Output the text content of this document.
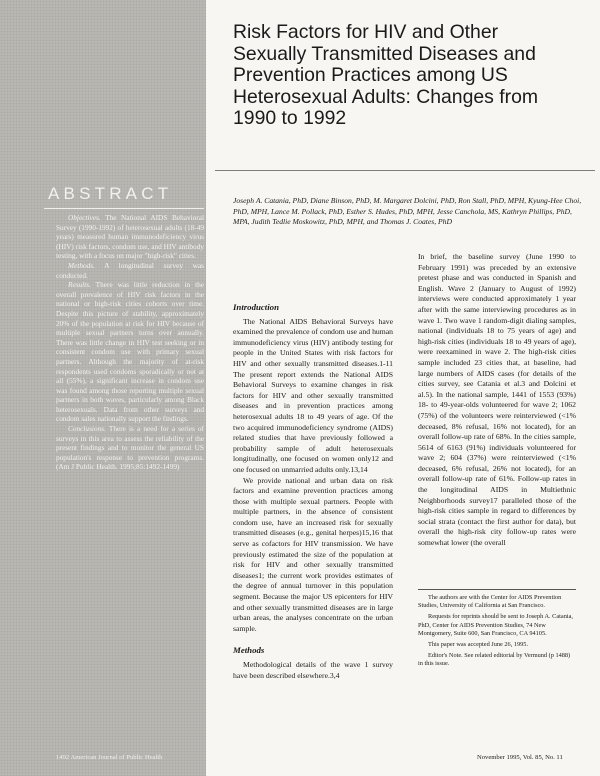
ABSTRACT

Objectives. The National AIDS Behavioral Survey (1990-1992) of heterosexual adults (18-49 years) measured human immunodeficiency virus (HIV) risk factors, condom use, and HIV antibody testing, with a focus on major "high-risk" cities.

Methods. A longitudinal survey was conducted.

Results. There was little reduction in the overall prevalence of HIV risk factors in the national or high-risk cities cohorts over time. Despite this picture of stability, approximately 20% of the population at risk for HIV because of multiple sexual partners turns over annually. There was little change in HIV test seeking or in consistent condom use with primary sexual partners. Although the majority of at-risk respondents used condoms sporadically or not at all (55%), a significant increase in condom use was found among those reporting multiple sexual partners in both waves, particularly among Black heterosexuals. Data from other surveys and condom sales nationally support the findings.

Conclusions. There is a need for a series of surveys in this area to assess the reliability of the present findings and to monitor the general US population's response to prevention programs. (Am J Public Health. 1995;85:1492-1499)

1492 American Journal of Public Health
Risk Factors for HIV and Other Sexually Transmitted Diseases and Prevention Practices among US Heterosexual Adults: Changes from 1990 to 1992
Joseph A. Catania, PhD, Diane Binson, PhD, M. Margaret Dolcini, PhD, Ron Stall, PhD, MPH, Kyung-Hee Choi, PhD, MPH, Lance M. Pollack, PhD, Esther S. Hudes, PhD, MPH, Jesse Canchola, MS, Kathryn Phillips, PhD, MPA, Judith Tedlie Moskowitz, PhD, MPH, and Thomas J. Coates, PhD
Introduction

The National AIDS Behavioral Surveys have examined the prevalence of condom use and human immunodeficiency virus (HIV) antibody testing for people in the United States with risk factors for HIV and other sexually transmitted diseases.1-11 The present report extends the National AIDS Behavioral Surveys to examine changes in risk factors for HIV and other sexually transmitted diseases and in prevention practices among heterosexual adults 18 to 49 years of age. Of the two acquired immunodeficiency syndrome (AIDS) related studies that have previously followed a probability sample of adult heterosexuals longitudinally, one focused on women only12 and one focused on unmarried adults only.13,14

We provide national and urban data on risk factors and examine prevention practices among those with multiple sexual partners. People with multiple partners, in the absence of consistent condom use, have an increased risk for sexually transmitted diseases (e.g., genital herpes)15,16 that serve as cofactors for HIV transmission. We have previously estimated the size of the population at risk for HIV and other sexually transmitted diseases1; the current work provides estimates of the degree of annual turnover in this population segment. Because the major US epicenters for HIV and other sexually transmitted diseases are in large urban areas, the analyses concentrate on the urban sample.

Methods

Methodological details of the wave 1 survey have been described elsewhere.3,4

In brief, the baseline survey (June 1990 to February 1991) was preceded by an extensive pretest phase and was conducted in Spanish and English. Wave 2 (January to August of 1992) interviews were conducted approximately 1 year after with the same interviewing procedures as in wave 1. Two wave 1 random-digit dialing samples, national (individuals 18 to 75 years of age) and high-risk cities (individuals 18 to 49 years of age), were reexamined in wave 2. The high-risk cities sample included 23 cities that, at baseline, had large numbers of AIDS cases (for details of the cities survey, see Catania et al.3 and Dolcini et al.5). In the national sample, 1441 of 1553 (93%) 18- to 49-year-olds volunteered for wave 2; 1062 (75%) of the volunteers were reinterviewed (<1% deceased, 8% refusal, 16% not located), for an overall follow-up rate of 68%. In the cities sample, 5614 of 6163 (91%) individuals volunteered for wave 2; 604 (37%) were reinterviewed (<1% deceased, 6% refusal, 26% not located), for an overall follow-up rate of 61%. Follow-up rates in the longitudinal AIDS in Multiethnic Neighborhoods survey17 paralleled those of the high-risk cities sample in regard to differences by social strata (contact the first author for data), but overall the high-risk city follow-up rates were somewhat lower (the overall

The authors are with the Center for AIDS Prevention Studies, University of California at San Francisco.

Requests for reprints should be sent to Joseph A. Catania, PhD, Center for AIDS Prevention Studies, 74 New Montgomery, Suite 600, San Francisco, CA 94105.

This paper was accepted June 26, 1995.

Editor's Note. See related editorial by Vermund (p 1488) in this issue.

November 1995, Vol. 85, No. 11
